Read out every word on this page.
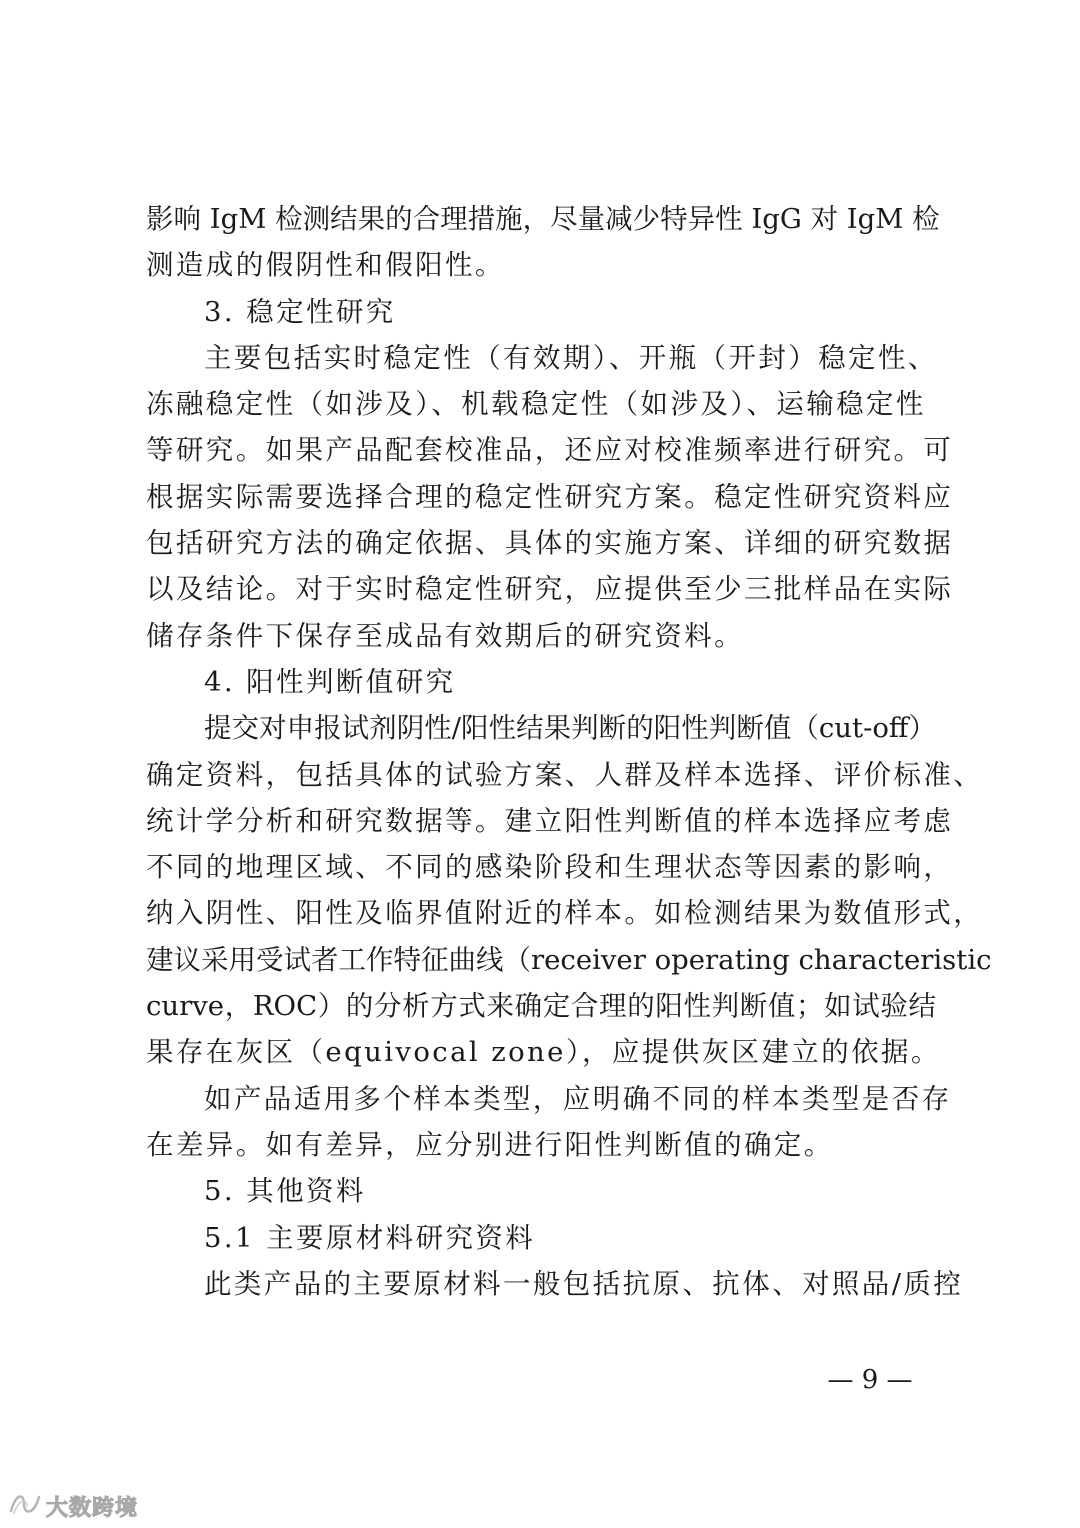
影响 IgM 检测结果的合理措施，尽量减少特异性 IgG 对 IgM 检
测造成的假阴性和假阳性。
3. 稳定性研究
主要包括实时稳定性（有效期）、开瓶（开封）稳定性、
冻融稳定性（如涉及）、机载稳定性（如涉及）、运输稳定性
等研究。如果产品配套校准品，还应对校准频率进行研究。可
根据实际需要选择合理的稳定性研究方案。稳定性研究资料应
包括研究方法的确定依据、具体的实施方案、详细的研究数据
以及结论。对于实时稳定性研究，应提供至少三批样品在实际
储存条件下保存至成品有效期后的研究资料。
4. 阳性判断值研究
提交对申报试剂阴性/阳性结果判断的阳性判断值（cut-off）
确定资料，包括具体的试验方案、人群及样本选择、评价标准、
统计学分析和研究数据等。建立阳性判断值的样本选择应考虑
不同的地理区域、不同的感染阶段和生理状态等因素的影响，
纳入阴性、阳性及临界值附近的样本。如检测结果为数值形式，
建议采用受试者工作特征曲线（receiver operating characteristic
curve，ROC）的分析方式来确定合理的阳性判断值；如试验结
果存在灰区（equivocal zone），应提供灰区建立的依据。
如产品适用多个样本类型，应明确不同的样本类型是否存
在差异。如有差异，应分别进行阳性判断值的确定。
5. 其他资料
5.1 主要原材料研究资料
此类产品的主要原材料一般包括抗原、抗体、对照品/质控
— 9 —
大数跨境
